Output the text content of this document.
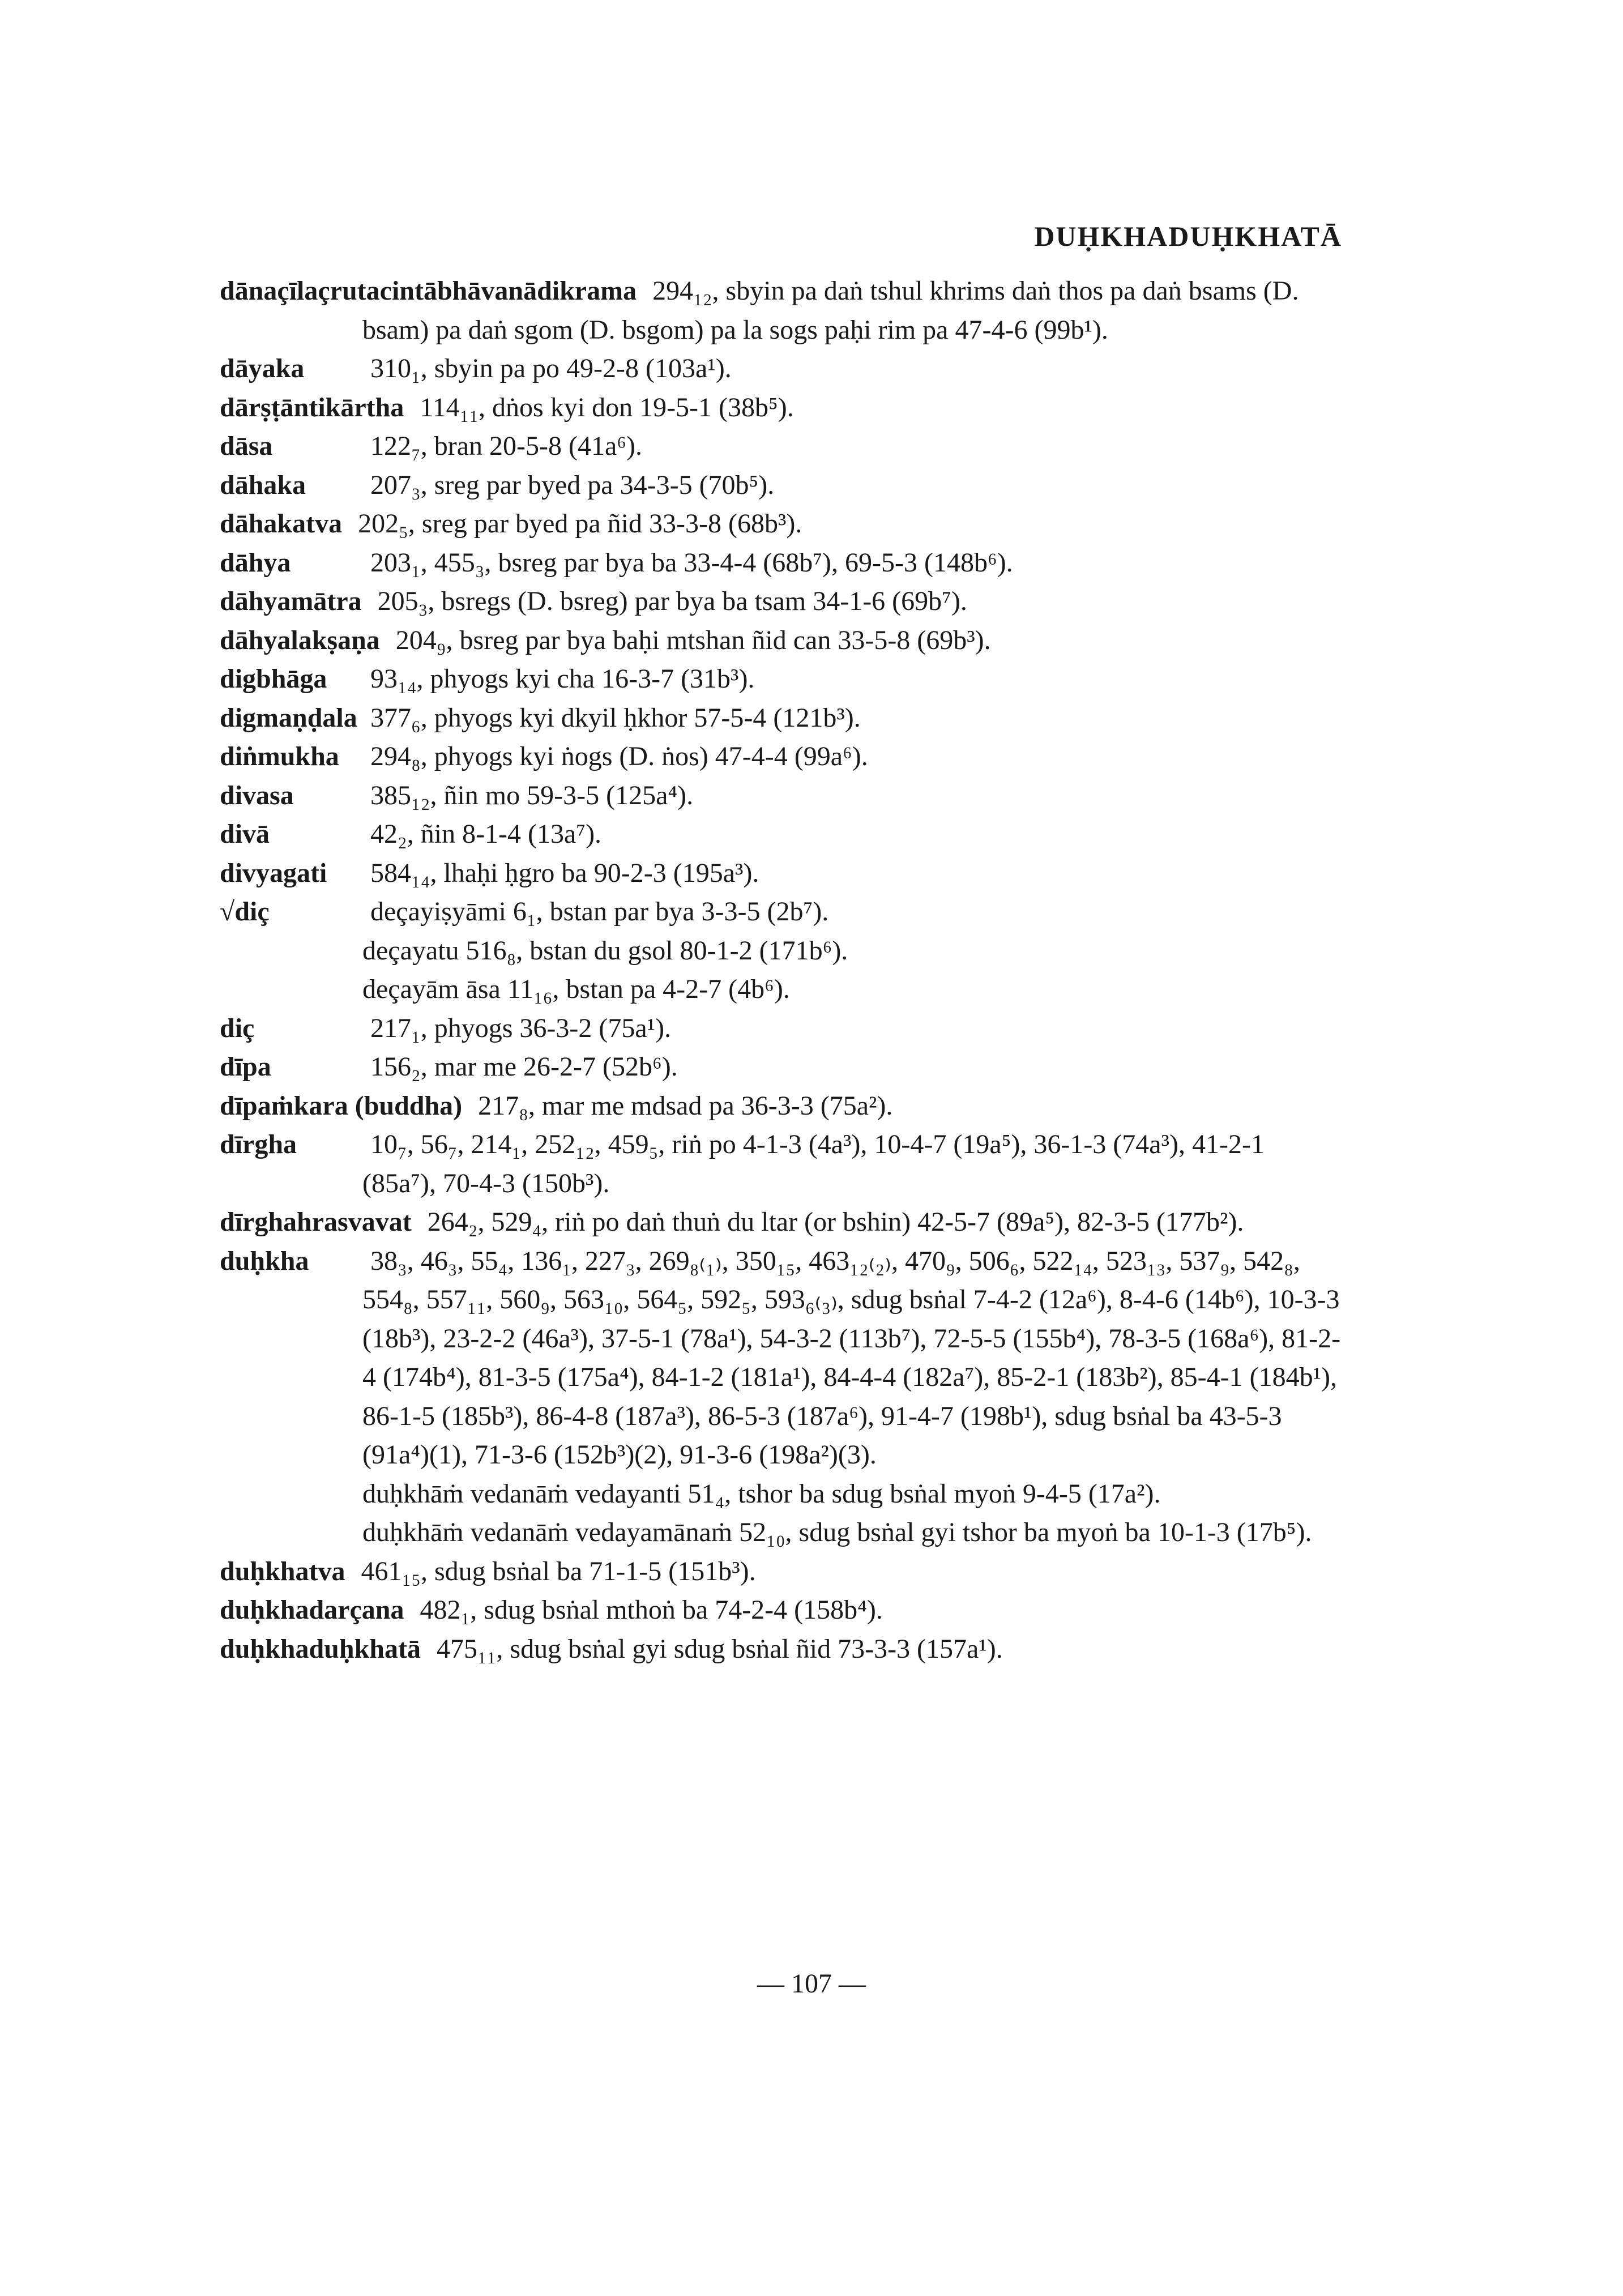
DUḤKHADUḤKHATĀ

dānaçīlaçrutacintābhāvanādikrama 294₁₂, sbyin pa daṅ tshul khrims daṅ thos pa daṅ bsams (D. bsam) pa daṅ sgom (D. bsgom) pa la sogs paḥi rim pa 47-4-6 (99b¹).

dāyaka 310₁, sbyin pa po 49-2-8 (103a¹).

dārṣṭāntikārtha 114₁₁, dṅos kyi don 19-5-1 (38b⁵).

dāsa	122₇, bran 20-5-8 (41a⁶).

dāhaka 207₃, sreg par byed pa 34-3-5 (70b⁵).

dāhakatva 202₅, sreg par byed pa ñid 33-3-8 (68b³).

dāhya	203₁, 455₃, bsreg par bya ba 33-4-4 (68b⁷), 69-5-3 (148b⁶).

dāhyamātra 205₃, bsregs (D. bsreg) par bya ba tsam 34-1-6 (69b⁷).

dāhyalakṣaṇa 204₉, bsreg par bya baḥi mtshan ñid can 33-5-8 (69b³).

digbhāga 93₁₄, phyogs kyi cha 16-3-7 (31b³).

digmaṇḍala 377₆, phyogs kyi dkyil ḥkhor 57-5-4 (121b³).

diṅmukha 294₈, phyogs kyi ṅogs (D. ṅos) 47-4-4 (99a⁶).

divasa	385₁₂, ñin mo 59-3-5 (125a⁴).

divā	42₂, ñin 8-1-4 (13a⁷).

divyagati 584₁₄, lhaḥi ḥgro ba 90-2-3 (195a³).

√diç	deçayiṣyāmi 6₁, bstan par bya 3-3-5 (2b⁷).

deçayatu 516₈, bstan du gsol 80-1-2 (171b⁶).

deçayām āsa 11₁₆, bstan pa 4-2-7 (4b⁶).

diç	217₁, phyogs 36-3-2 (75a¹).

dīpa	156₂, mar me 26-2-7 (52b⁶).

dīpaṁkara (buddha) 217₈, mar me mdsad pa 36-3-3 (75a²).

dīrgha	10₇, 56₇, 214₁, 252₁₂, 459₅, riṅ po 4-1-3 (4a³), 10-4-7 (19a⁵), 36-1-3 (74a³), 41-2-1 (85a⁷), 70-4-3 (150b³).

dīrghahrasvavat 264₂, 529₄, riṅ po daṅ thuṅ du ltar (or bshin) 42-5-7 (89a⁵), 82-3-5 (177b²).

duḥkha 38₃, 46₃, 55₄, 136₁, 227₃, 269₈₍₁₎, 350₁₅, 463₁₂₍₂₎, 470₉, 506₆, 522₁₄, 523₁₃, 537₉, 542₈, 554₈, 557₁₁, 560₉, 563₁₀, 564₅, 592₅, 593₆₍₃₎, sdug bsṅal 7-4-2 (12a⁶), 8-4-6 (14b⁶), 10-3-3 (18b³), 23-2-2 (46a³), 37-5-1 (78a¹), 54-3-2 (113b⁷), 72-5-5 (155b⁴), 78-3-5 (168a⁶), 81-2-4 (174b⁴), 81-3-5 (175a⁴), 84-1-2 (181a¹), 84-4-4 (182a⁷), 85-2-1 (183b²), 85-4-1 (184b¹), 86-1-5 (185b³), 86-4-8 (187a³), 86-5-3 (187a⁶), 91-4-7 (198b¹), sdug bsṅal ba 43-5-3 (91a⁴)(1), 71-3-6 (152b³)(2), 91-3-6 (198a²)(3).

duḥkhāṁ vedanāṁ vedayanti 51₄, tshor ba sdug bsṅal myoṅ 9-4-5 (17a²).

duḥkhāṁ vedanāṁ vedayamānaṁ 52₁₀, sdug bsṅal gyi tshor ba myoṅ ba 10-1-3 (17b⁵).

duḥkhatva 461₁₅, sdug bsṅal ba 71-1-5 (151b³).

duḥkhadarçana 482₁, sdug bsṅal mthoṅ ba 74-2-4 (158b⁴).

duḥkhaduḥkhatā 475₁₁, sdug bsṅal gyi sdug bsṅal ñid 73-3-3 (157a¹).

— 107 —
